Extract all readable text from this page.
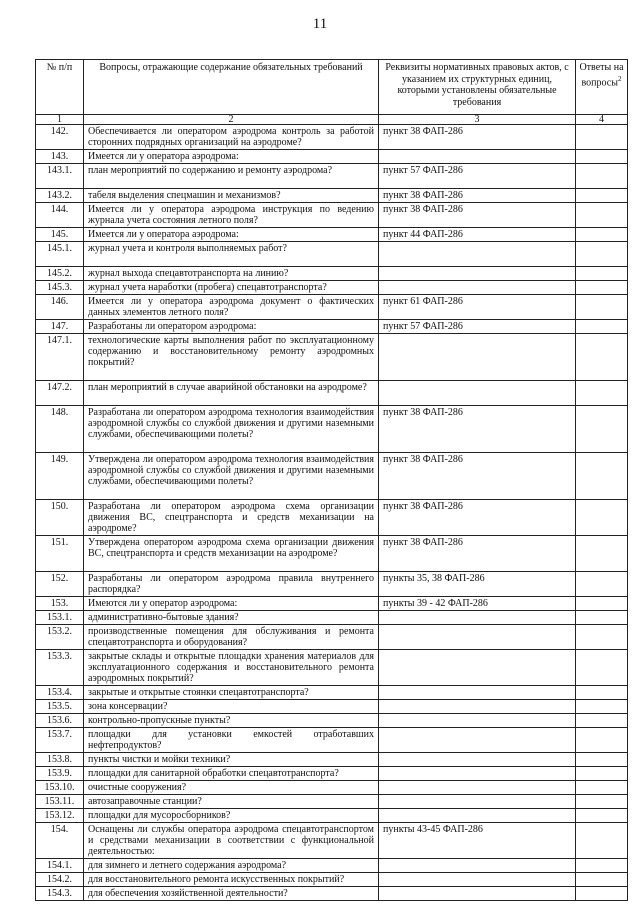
11
№ п/п	Вопросы, отражающие содержание обязательных требований	Реквизиты нормативных правовых актов, с указанием их структурных единиц, которыми установлены обязательные требования	Ответы на вопросы$^2$
1	2	3	4
142.	Обеспечивается ли оператором аэродрома контроль за работой сторонних подрядных организаций на аэродроме?	пункт 38 ФАП-286	
143.	Имеется ли у оператора аэродрома:		
143.1.	план мероприятий по содержанию и ремонту аэродрома?	пункт 57 ФАП-286	
143.2.	табеля выделения спецмашин и механизмов?	пункт 38 ФАП-286	
144.	Имеется ли у оператора аэродрома инструкция по ведению журнала учета состояния летного поля?	пункт 38 ФАП-286	
145.	Имеется ли у оператора аэродрома:	пункт 44 ФАП-286	
145.1.	журнал учета и контроля выполняемых работ?		
145.2.	журнал выхода спецавтотранспорта на линию?		
145.3.	журнал учета наработки (пробега) спецавтотранспорта?		
146.	Имеется ли у оператора аэродрома документ о фактических данных элементов летного поля?	пункт 61 ФАП-286	
147.	Разработаны ли оператором аэродрома:	пункт 57 ФАП-286	
147.1.	технологические карты выполнения работ по эксплуатационному содержанию и восстановительному ремонту аэродромных покрытий?		
147.2.	план мероприятий в случае аварийной обстановки на аэродроме?		
148.	Разработана ли оператором аэродрома технология взаимодействия аэродромной службы со службой движения и другими наземными службами, обеспечивающими полеты?	пункт 38 ФАП-286	
149.	Утверждена ли оператором аэродрома технология взаимодействия аэродромной службы со службой движения и другими наземными службами, обеспечивающими полеты?	пункт 38 ФАП-286	
150.	Разработана ли оператором аэродрома схема организации движения ВС, спецтранспорта и средств механизации на аэродроме?	пункт 38 ФАП-286	
151.	Утверждена оператором аэродрома схема организации движения ВС, спецтранспорта и средств механизации на аэродроме?	пункт 38 ФАП-286	
152.	Разработаны ли оператором аэродрома правила внутреннего распорядка?	пункты 35, 38 ФАП-286	
153.	Имеются ли у оператор аэродрома:	пункты 39 - 42 ФАП-286	
153.1.	административно-бытовые здания?		
153.2.	производственные помещения для обслуживания и ремонта спецавтотранспорта и оборудования?		
153.3.	закрытые склады и открытые площадки хранения материалов для эксплуатационного содержания и восстановительного ремонта аэродромных покрытий?		
153.4.	закрытые и открытые стоянки спецавтотранспорта?		
153.5.	зона консервации?		
153.6.	контрольно-пропускные пункты?		
153.7.	площадки для установки емкостей отработавших нефтепродуктов?		
153.8.	пункты чистки и мойки техники?		
153.9.	площадки для санитарной обработки спецавтотранспорта?		
153.10.	очистные сооружения?		
153.11.	автозаправочные станции?		
153.12.	площадки для мусоросборников?		
154.	Оснащены ли службы оператора аэродрома спецавтотранспортом и средствами механизации в соответствии с функциональной деятельностью:	пункты 43-45 ФАП-286	
154.1.	для зимнего и летнего содержания аэродрома?		
154.2.	для восстановительного ремонта искусственных покрытий?		
154.3.	для обеспечения хозяйственной деятельности?		
